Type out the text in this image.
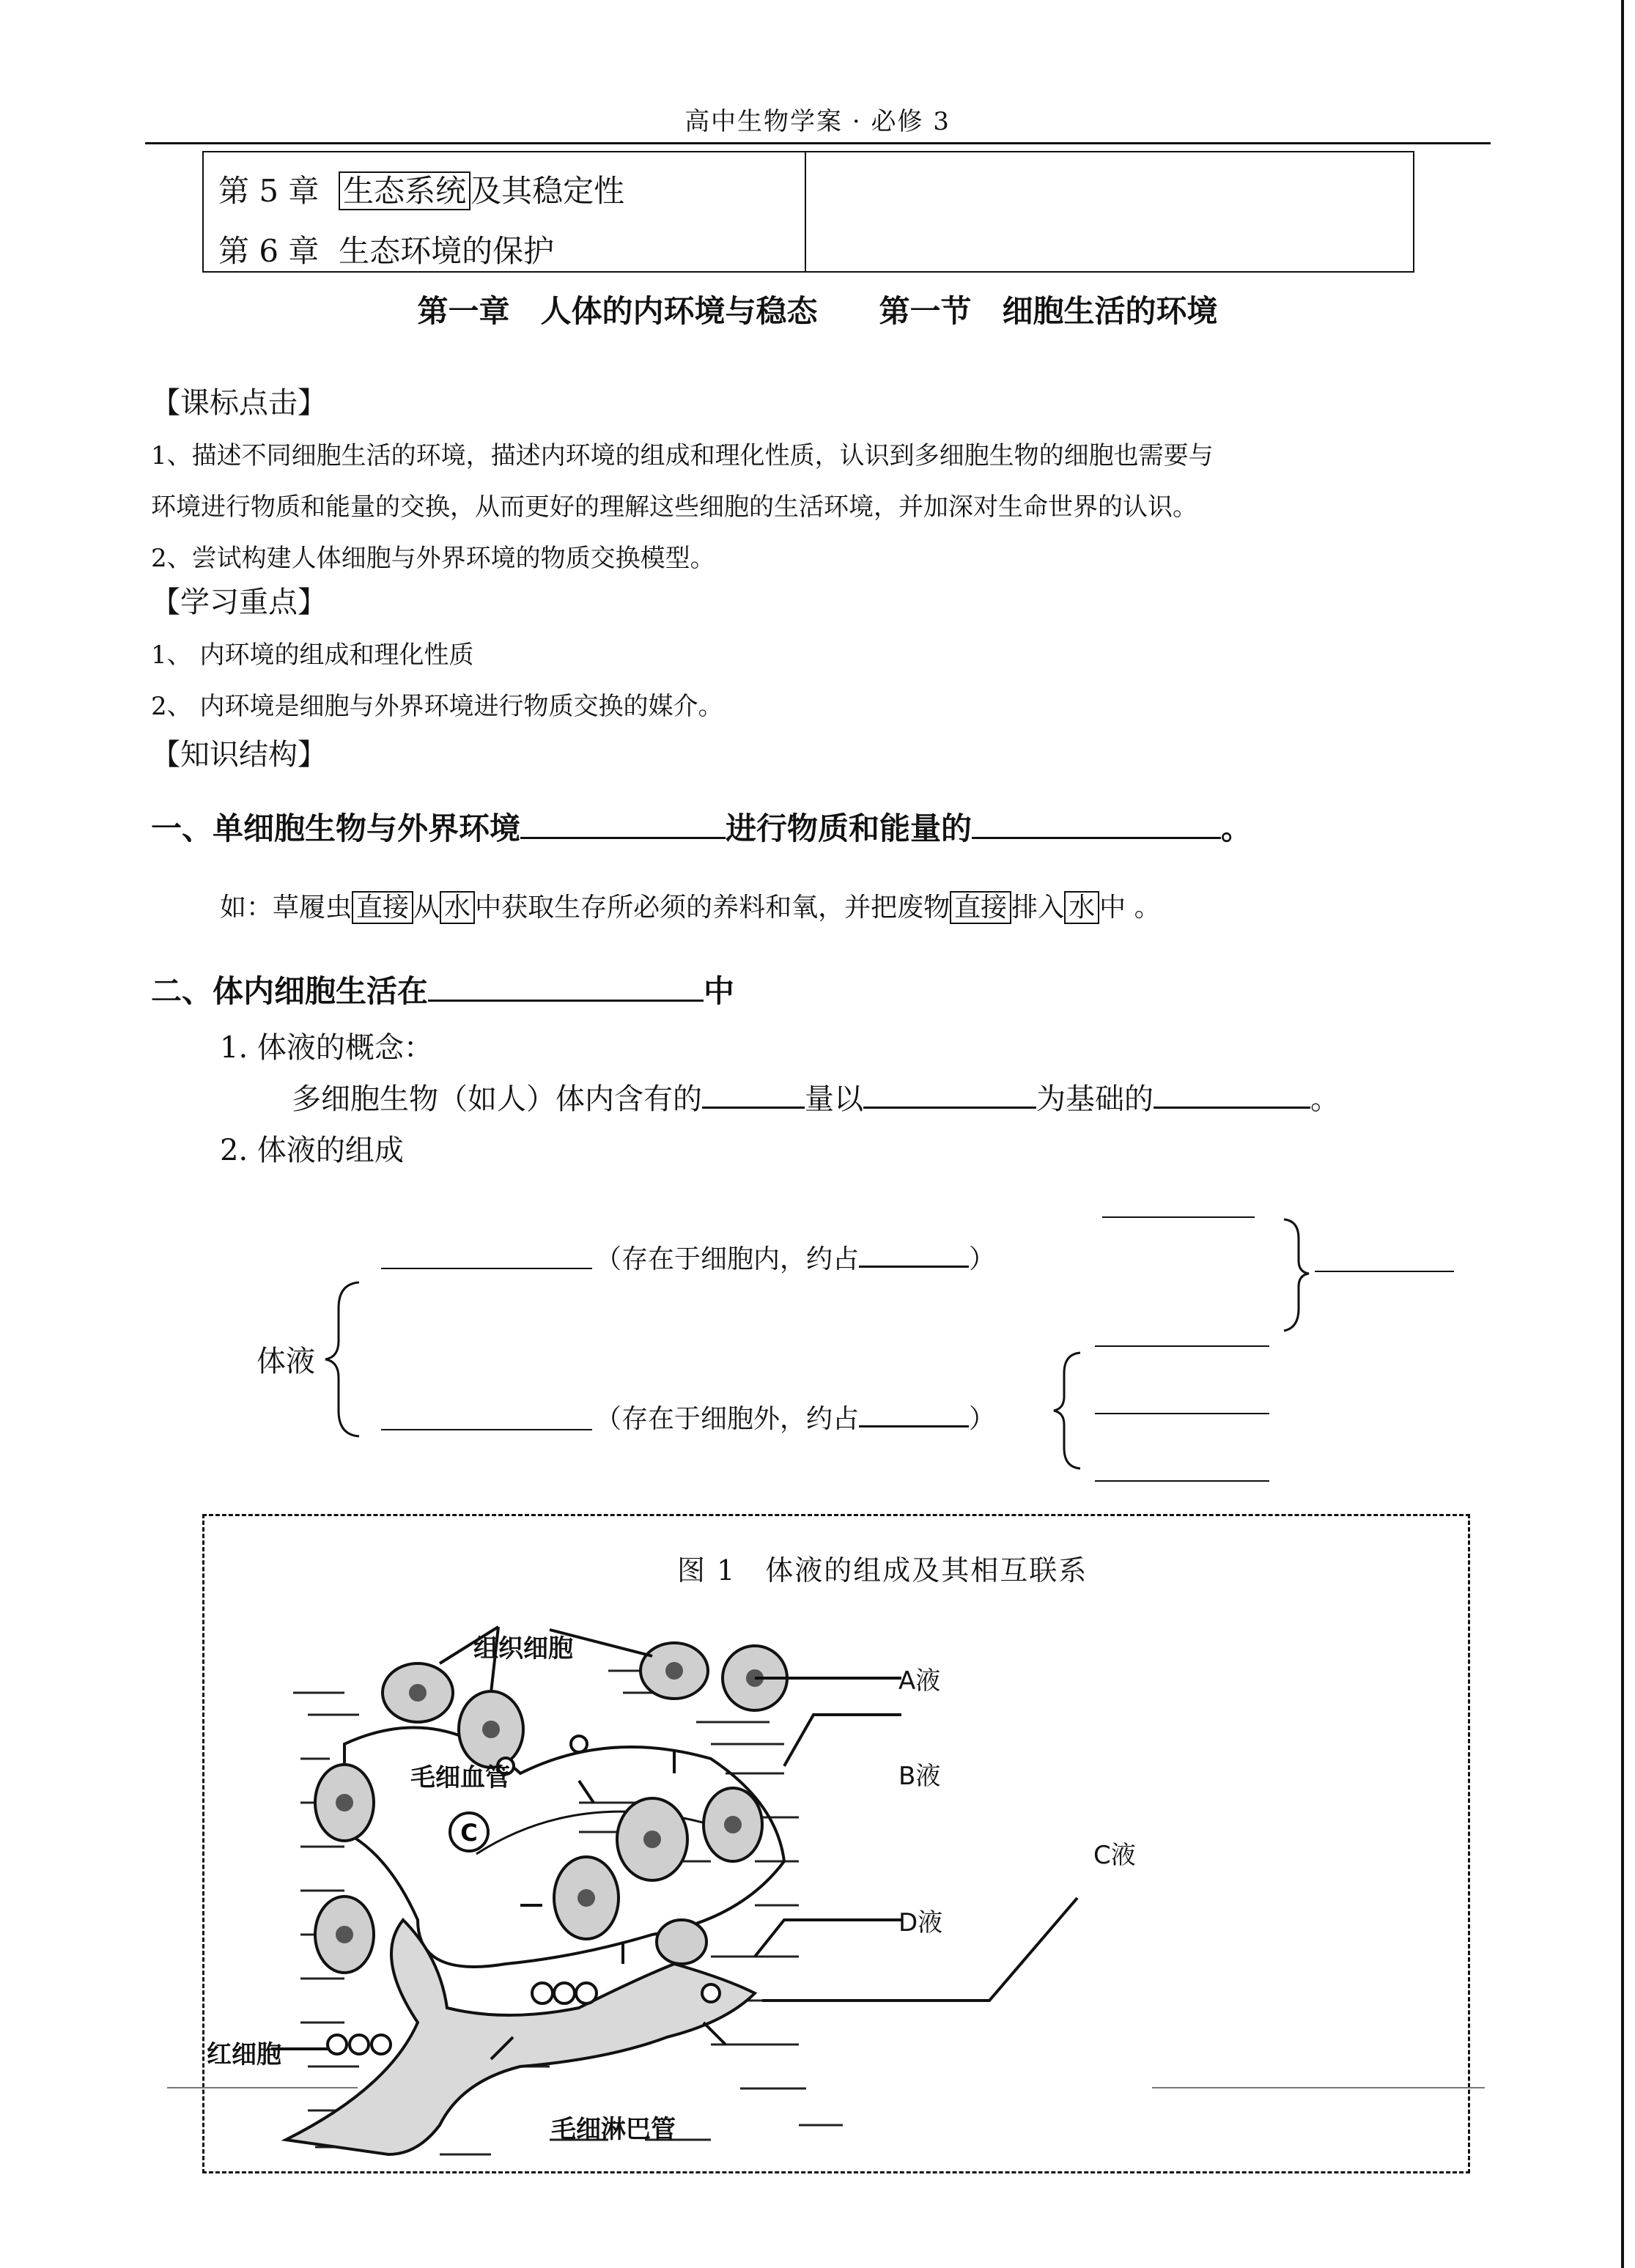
高中生物学案 · 必修 3
第 5 章 生态系统 及其稳定性
第 6 章 生态环境的保护
第一章　人体的内环境与稳态　　第一节　细胞生活的环境
【课标点击】
1、描述不同细胞生活的环境，描述内环境的组成和理化性质，认识到多细胞生物的细胞也需要与
环境进行物质和能量的交换，从而更好的理解这些细胞的生活环境，并加深对生命世界的认识。
2、尝试构建人体细胞与外界环境的物质交换模型。
【学习重点】
1、 内环境的组成和理化性质
2、 内环境是细胞与外界环境进行物质交换的媒介。
【知识结构】
一、单细胞生物与外界环境	进行物质和能量的	。
如：草履虫 直接 从 水 中获取生存所必须的养料和氧，并把废物 直接 排入 水 中 。
二、体内细胞生活在	中
1. 体液的概念：
多细胞生物（如人）体内含有的	量以	为基础的	。
2. 体液的组成
体液
（存在于细胞内，约占	）
（存在于细胞外，约占	）
图 1　体液的组成及其相互联系
C
组织细胞
毛细血管
红细胞
毛细淋巴管
A液
B液
C液
D液
